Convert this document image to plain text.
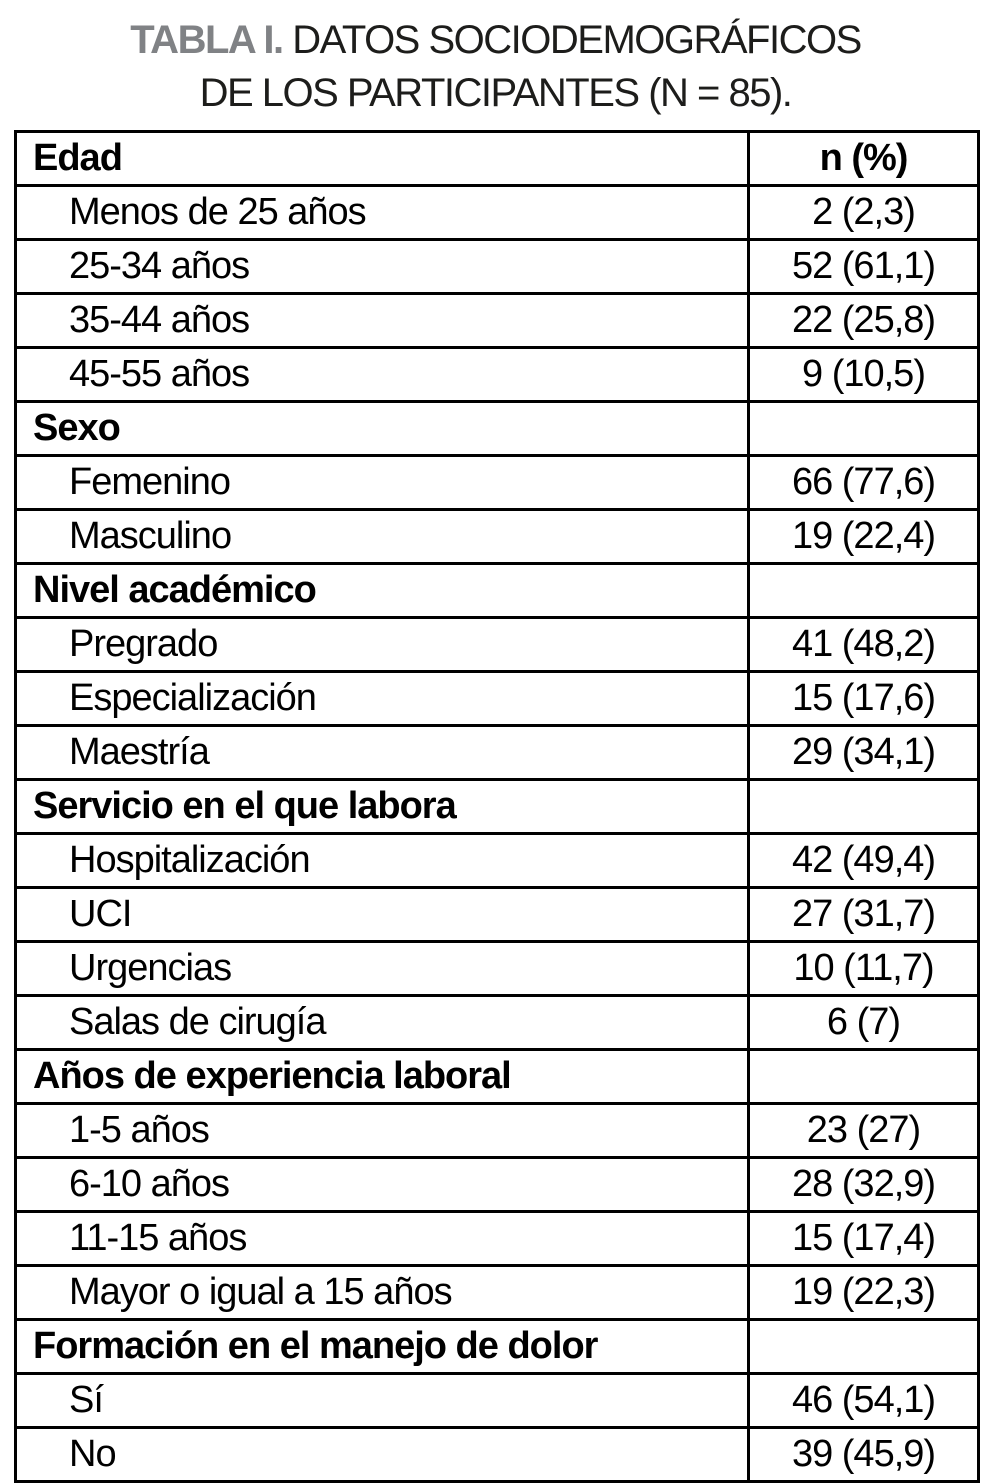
TABLA I. DATOS SOCIODEMOGRÁFICOS
DE LOS PARTICIPANTES (N = 85).
Edad	n (%)
Menos de 25 años	2 (2,3)
25-34 años	52 (61,1)
35-44 años	22 (25,8)
45-55 años	9 (10,5)
Sexo	
Femenino	66 (77,6)
Masculino	19 (22,4)
Nivel académico	
Pregrado	41 (48,2)
Especialización	15 (17,6)
Maestría	29 (34,1)
Servicio en el que labora	
Hospitalización	42 (49,4)
UCI	27 (31,7)
Urgencias	10 (11,7)
Salas de cirugía	6 (7)
Años de experiencia laboral	
1-5 años	23 (27)
6-10 años	28 (32,9)
11-15 años	15 (17,4)
Mayor o igual a 15 años	19 (22,3)
Formación en el manejo de dolor	
Sí	46 (54,1)
No	39 (45,9)
